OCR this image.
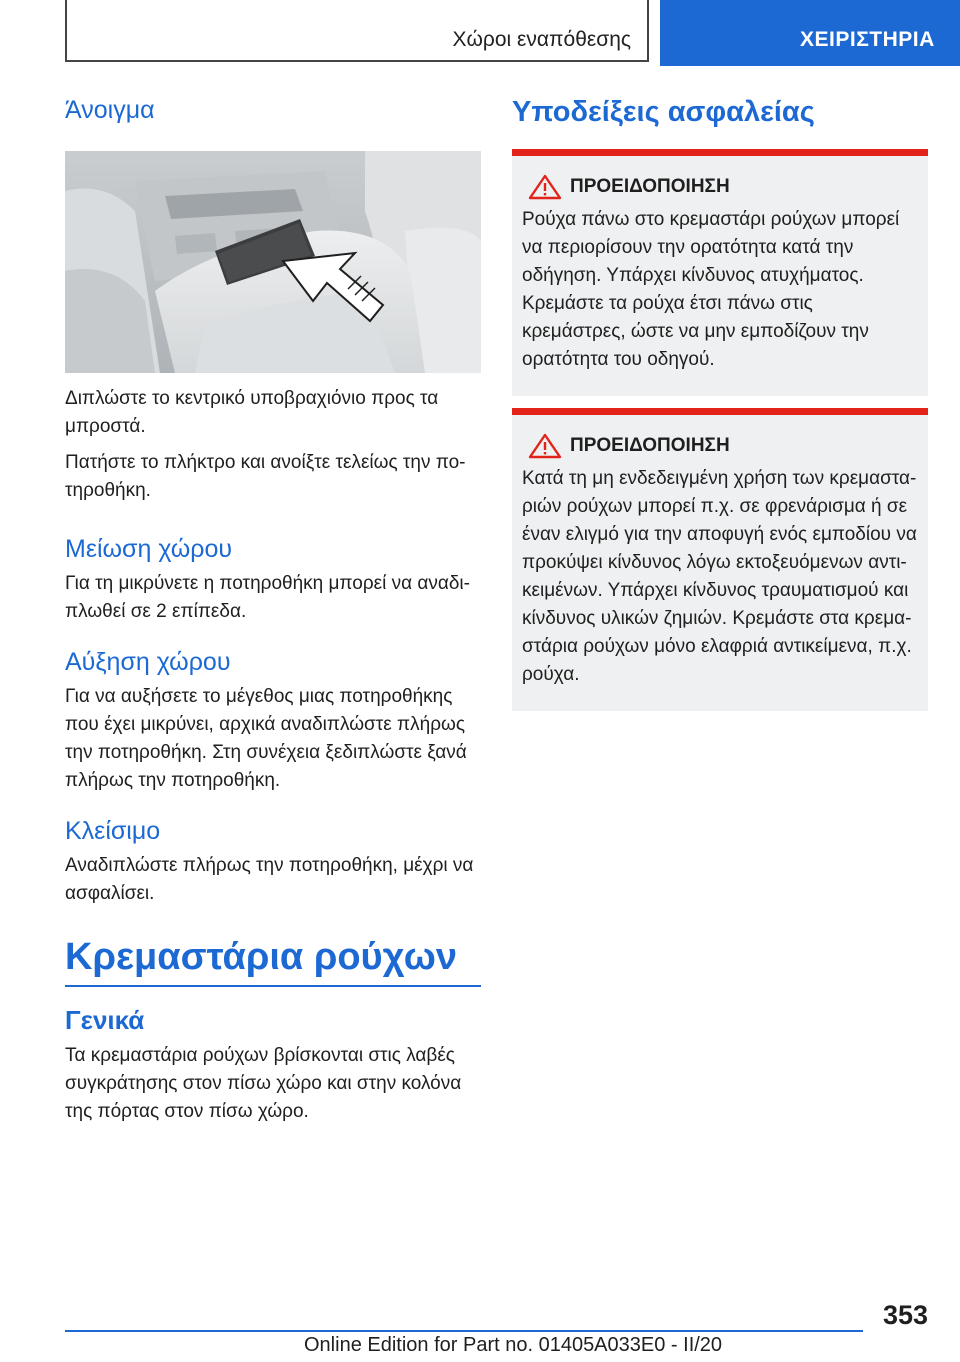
Χώροι εναπόθεσης	ΧΕΙΡΙΣΤΗΡΙΑ
Άνοιγμα

Διπλώστε το κεντρικό υποβραχιόνιο προς τα μπροστά.

Πατήστε το πλήκτρο και ανοίξτε τελείως την πο‐τηροθήκη.

Μείωση χώρου

Για τη μικρύνετε η ποτηροθήκη μπορεί να αναδι‐πλωθεί σε 2 επίπεδα.

Αύξηση χώρου

Για να αυξήσετε το μέγεθος μιας ποτηροθήκης που έχει μικρύνει, αρχικά αναδιπλώστε πλήρως την ποτηροθήκη. Στη συνέχεια ξεδιπλώστε ξανά πλήρως την ποτηροθήκη.

Κλείσιμο

Αναδιπλώστε πλήρως την ποτηροθήκη, μέχρι να ασφαλίσει.

Κρεμαστάρια ρούχων
Γενικά

Τα κρεμαστάρια ρούχων βρίσκονται στις λαβές συγκράτησης στον πίσω χώρο και στην κολόνα της πόρτας στον πίσω χώρο.

Υποδείξεις ασφαλείας
ΠΡΟΕΙΔΟΠΟΙΗΣΗ

Ρούχα πάνω στο κρεμαστάρι ρούχων μπορεί να περιορίσουν την ορατότητα κατά την οδήγηση. Υπάρχει κίνδυνος ατυχήματος. Κρεμάστε τα ρούχα έτσι πάνω στις κρεμάστρες, ώστε να μην εμποδίζουν την ορατότητα του οδηγού.

ΠΡΟΕΙΔΟΠΟΙΗΣΗ

Κατά τη μη ενδεδειγμένη χρήση των κρεμαστα‐ριών ρούχων μπορεί π.χ. σε φρενάρισμα ή σε έναν ελιγμό για την αποφυγή ενός εμποδίου να προκύψει κίνδυνος λόγω εκτοξευόμενων αντι‐κειμένων. Υπάρχει κίνδυνος τραυματισμού και κίνδυνος υλικών ζημιών. Κρεμάστε στα κρεμα‐στάρια ρούχων μόνο ελαφριά αντικείμενα, π.χ. ρούχα.

353
Online Edition for Part no. 01405A033E0 - II/20
